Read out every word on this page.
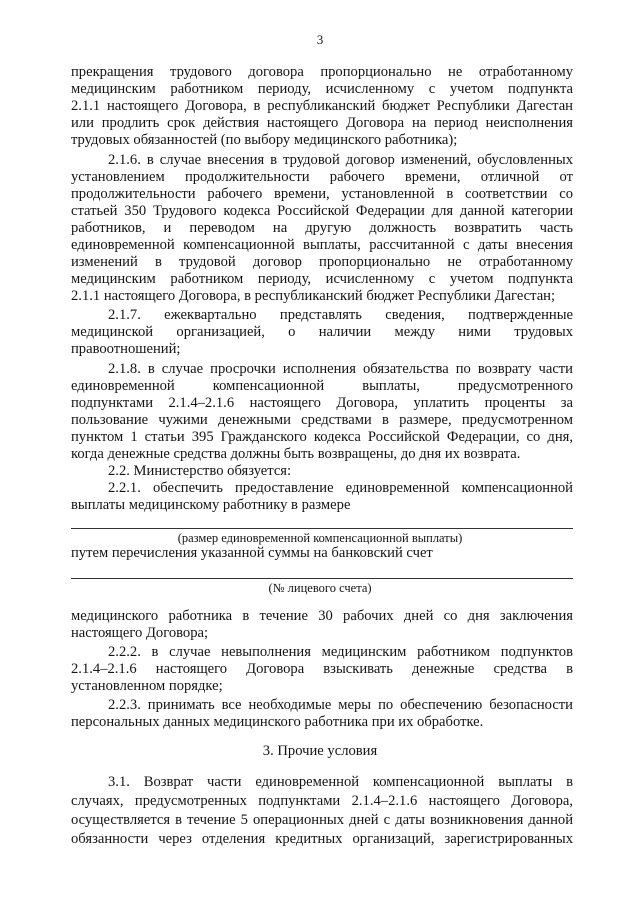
3
прекращения трудового договора пропорционально не отработанному
медицинским работником периоду, исчисленному с учетом подпункта
2.1.1 настоящего Договора, в республиканский бюджет Республики Дагестан
или продлить срок действия настоящего Договора на период неисполнения
трудовых обязанностей (по выбору медицинского работника);
2.1.6. в случае внесения в трудовой договор изменений, обусловленных
установлением продолжительности рабочего времени, отличной от
продолжительности рабочего времени, установленной в соответствии со
статьей 350 Трудового кодекса Российской Федерации для данной категории
работников, и переводом на другую должность возвратить часть
единовременной компенсационной выплаты, рассчитанной с даты внесения
изменений в трудовой договор пропорционально не отработанному
медицинским работником периоду, исчисленному с учетом подпункта
2.1.1 настоящего Договора, в республиканский бюджет Республики Дагестан;
2.1.7. ежеквартально представлять сведения, подтвержденные
медицинской организацией, о наличии между ними трудовых
правоотношений;
2.1.8. в случае просрочки исполнения обязательства по возврату части
единовременной компенсационной выплаты, предусмотренного
подпунктами 2.1.4–2.1.6 настоящего Договора, уплатить проценты за
пользование чужими денежными средствами в размере, предусмотренном
пунктом 1 статьи 395 Гражданского кодекса Российской Федерации, со дня,
когда денежные средства должны быть возвращены, до дня их возврата.
2.2. Министерство обязуется:
2.2.1. обеспечить предоставление единовременной компенсационной
выплаты медицинскому работнику в размере
(размер единовременной компенсационной выплаты)
путем перечисления указанной суммы на банковский счет
(№ лицевого счета)
медицинского работника в течение 30 рабочих дней со дня заключения
настоящего Договора;
2.2.2. в случае невыполнения медицинским работником подпунктов
2.1.4–2.1.6 настоящего Договора взыскивать денежные средства в
установленном порядке;
2.2.3. принимать все необходимые меры по обеспечению безопасности
персональных данных медицинского работника при их обработке.
3. Прочие условия
3.1. Возврат части единовременной компенсационной выплаты в
случаях, предусмотренных подпунктами 2.1.4–2.1.6 настоящего Договора,
осуществляется в течение 5 операционных дней с даты возникновения данной
обязанности через отделения кредитных организаций, зарегистрированных
